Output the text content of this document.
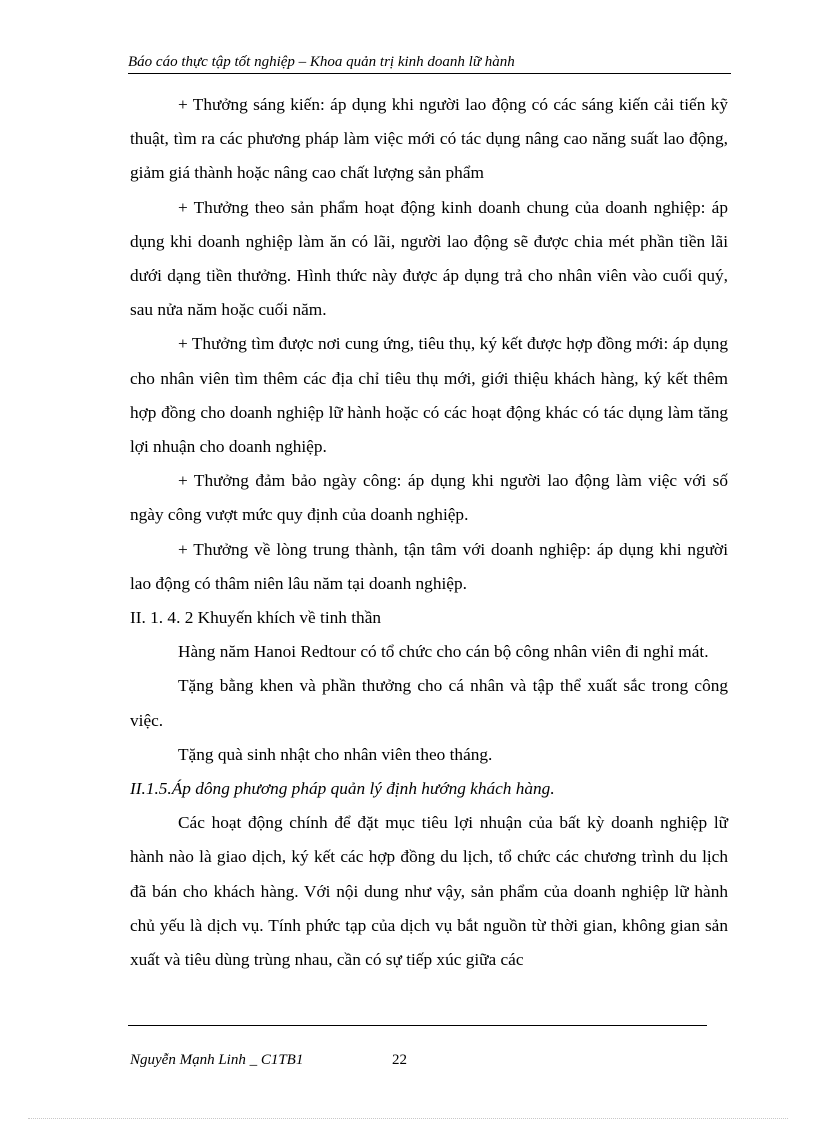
Báo cáo thực tập tốt nghiệp – Khoa quản trị kinh doanh lữ hành

+ Thưởng sáng kiến: áp dụng khi người lao động có các sáng kiến cải tiến kỹ thuật, tìm ra các phương pháp làm việc mới có tác dụng nâng cao năng suất lao động, giảm giá thành hoặc nâng cao chất lượng sản phẩm

+ Thưởng theo sản phẩm hoạt động kinh doanh chung của doanh nghiệp: áp dụng khi doanh nghiệp làm ăn có lãi, người lao động sẽ được chia mét phần tiền lãi dưới dạng tiền thưởng. Hình thức này được áp dụng trả cho nhân viên vào cuối quý, sau nửa năm hoặc cuối năm.

+ Thưởng tìm được nơi cung ứng, tiêu thụ, ký kết được hợp đồng mới: áp dụng cho nhân viên tìm thêm các địa chỉ tiêu thụ mới, giới thiệu khách hàng, ký kết thêm hợp đồng cho doanh nghiệp lữ hành hoặc có các hoạt động khác có tác dụng làm tăng lợi nhuận cho doanh nghiệp.

+ Thưởng đảm bảo ngày công: áp dụng khi người lao động làm việc với số ngày công vượt mức quy định của doanh nghiệp.

+ Thưởng về lòng trung thành, tận tâm với doanh nghiệp: áp dụng khi người lao động có thâm niên lâu năm tại doanh nghiệp.

II. 1. 4. 2 Khuyến khích về tinh thần

Hàng năm Hanoi Redtour có tổ chức cho cán bộ công nhân viên đi nghỉ mát.

Tặng bằng khen và phần thưởng cho cá nhân và tập thể xuất sắc trong công việc.

Tặng quà sinh nhật cho nhân viên theo tháng.

II.1.5.Áp dông phương pháp quản lý định hướng khách hàng.

Các hoạt động chính để đặt mục tiêu lợi nhuận của bất kỳ doanh nghiệp lữ hành nào là giao dịch, ký kết các hợp đồng du lịch, tổ chức các chương trình du lịch đã bán cho khách hàng. Với nội dung như vậy, sản phẩm của doanh nghiệp lữ hành chủ yếu là dịch vụ. Tính phức tạp của dịch vụ bắt nguồn từ thời gian, không gian sản xuất và tiêu dùng trùng nhau, cần có sự tiếp xúc giữa các

Nguyễn Mạnh Linh _ C1TB1	22
